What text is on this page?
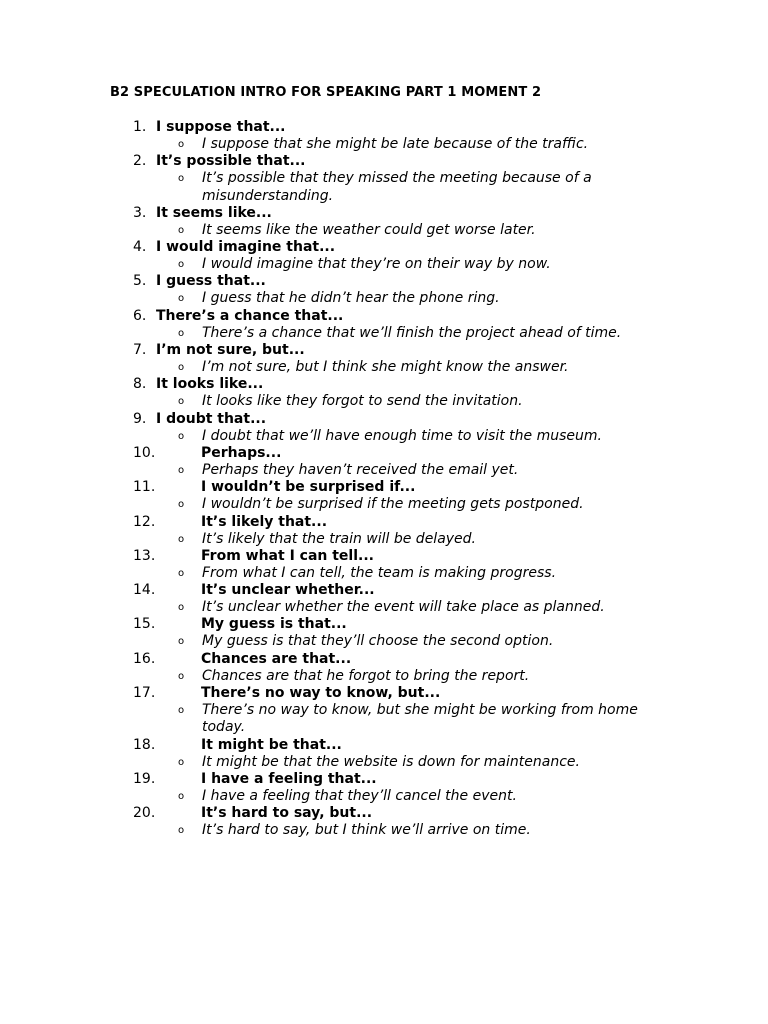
B2 SPECULATION INTRO FOR SPEAKING PART 1 MOMENT 2
1. I suppose that...
o I suppose that she might be late because of the traffic.
2. It’s possible that...
o It’s possible that they missed the meeting because of a misunderstanding.
3. It seems like...
o It seems like the weather could get worse later.
4. I would imagine that...
o I would imagine that they’re on their way by now.
5. I guess that...
o I guess that he didn’t hear the phone ring.
6. There’s a chance that...
o There’s a chance that we’ll finish the project ahead of time.
7. I’m not sure, but...
o I’m not sure, but I think she might know the answer.
8. It looks like...
o It looks like they forgot to send the invitation.
9. I doubt that...
o I doubt that we’ll have enough time to visit the museum.
10.	Perhaps...
o Perhaps they haven’t received the email yet.
11.	I wouldn’t be surprised if...
o I wouldn’t be surprised if the meeting gets postponed.
12.	It’s likely that...
o It’s likely that the train will be delayed.
13.	From what I can tell...
o From what I can tell, the team is making progress.
14.	It’s unclear whether...
o It’s unclear whether the event will take place as planned.
15.	My guess is that...
o My guess is that they’ll choose the second option.
16.	Chances are that...
o Chances are that he forgot to bring the report.
17.	There’s no way to know, but...
o There’s no way to know, but she might be working from home today.
18.	It might be that...
o It might be that the website is down for maintenance.
19.	I have a feeling that...
o I have a feeling that they’ll cancel the event.
20.	It’s hard to say, but...
o It’s hard to say, but I think we’ll arrive on time.
